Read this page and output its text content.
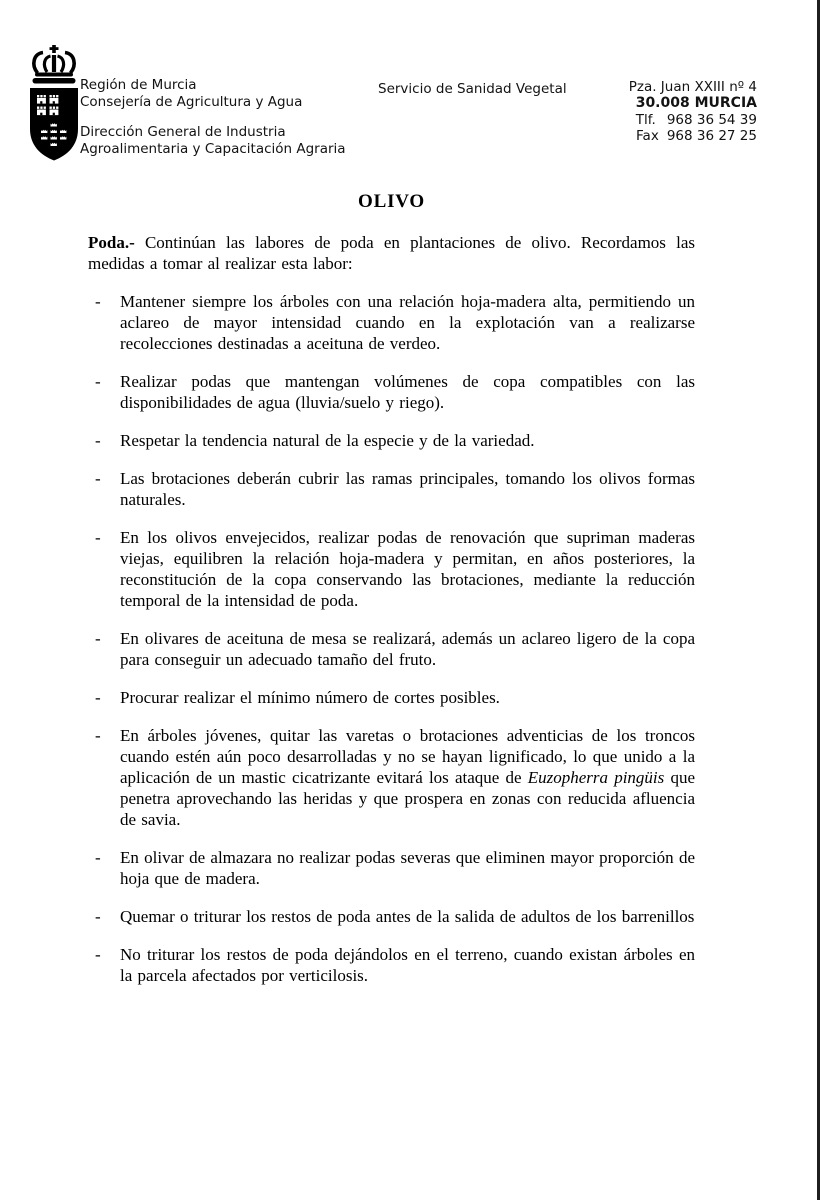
Región de Murcia
Consejería de Agricultura y Agua
Dirección General de Industria
Agroalimentaria y Capacitación Agraria
Servicio de Sanidad Vegetal	Pza. Juan XXIII nº 4
30.008 MURCIA
Tlf. 968 36 54 39
Fax 968 36 27 25
OLIVO

Poda.- Continúan las labores de poda en plantaciones de olivo. Recordamos las medidas a tomar al realizar esta labor:

- Mantener siempre los árboles con una relación hoja-madera alta, permitiendo un aclareo de mayor intensidad cuando en la explotación van a realizarse recolecciones destinadas a aceituna de verdeo.
- Realizar podas que mantengan volúmenes de copa compatibles con las disponibilidades de agua (lluvia/suelo y riego).
- Respetar la tendencia natural de la especie y de la variedad.
- Las brotaciones deberán cubrir las ramas principales, tomando los olivos formas naturales.
- En los olivos envejecidos, realizar podas de renovación que supriman maderas viejas, equilibren la relación hoja-madera y permitan, en años posteriores, la reconstitución de la copa conservando las brotaciones, mediante la reducción temporal de la intensidad de poda.
- En olivares de aceituna de mesa se realizará, además un aclareo ligero de la copa para conseguir un adecuado tamaño del fruto.
- Procurar realizar el mínimo número de cortes posibles.
- En árboles jóvenes, quitar las varetas o brotaciones adventicias de los troncos cuando estén aún poco desarrolladas y no se hayan lignificado, lo que unido a la aplicación de un mastic cicatrizante evitará los ataque de Euzopherra pingüis que penetra aprovechando las heridas y que prospera en zonas con reducida afluencia de savia.
- En olivar de almazara no realizar podas severas que eliminen mayor proporción de hoja que de madera.
- Quemar o triturar los restos de poda antes de la salida de adultos de los barrenillos
- No triturar los restos de poda dejándolos en el terreno, cuando existan árboles en la parcela afectados por verticilosis.
